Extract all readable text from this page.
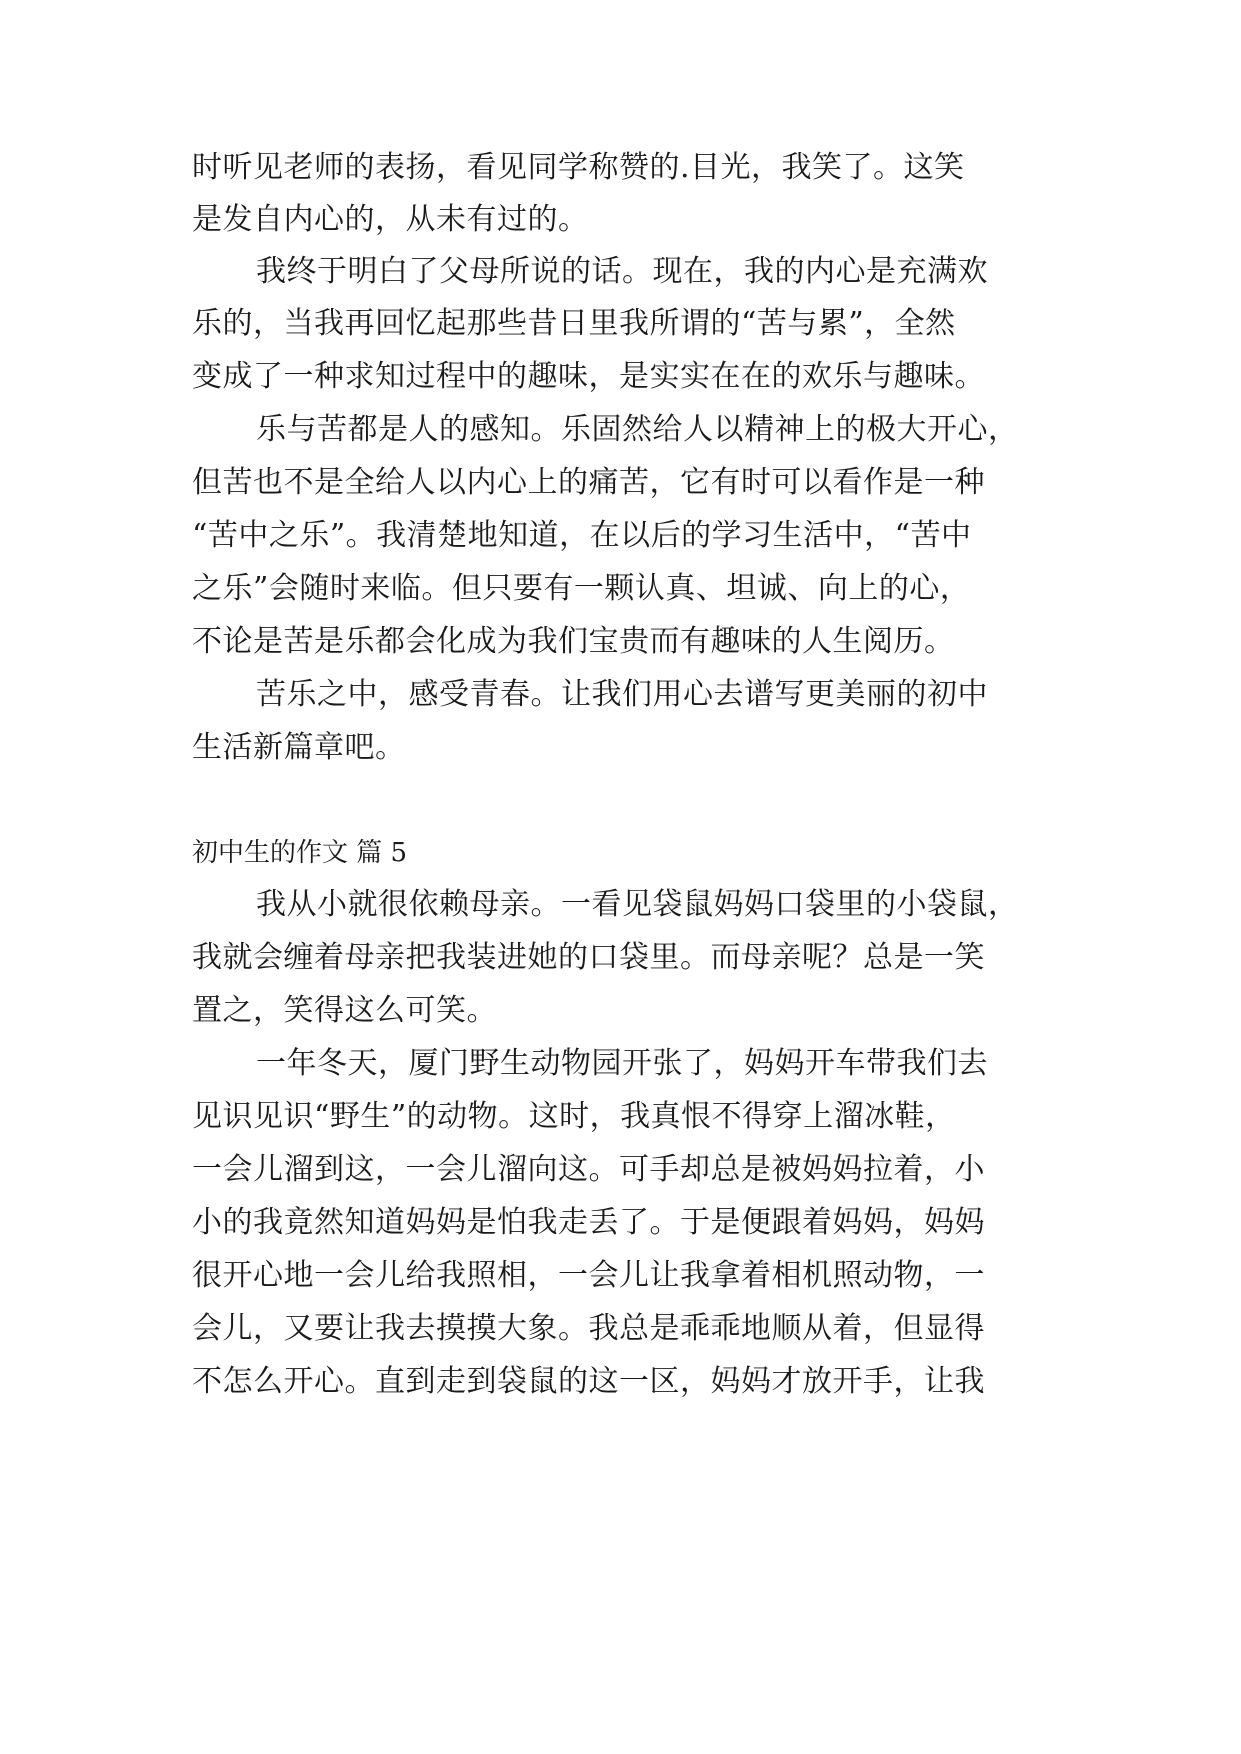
时听见老师的表扬，看见同学称赞的.目光，我笑了。这笑
是发自内心的，从未有过的。
我终于明白了父母所说的话。现在，我的内心是充满欢
乐的，当我再回忆起那些昔日里我所谓的“苦与累”，全然
变成了一种求知过程中的趣味，是实实在在的欢乐与趣味。
乐与苦都是人的感知。乐固然给人以精神上的极大开心，
但苦也不是全给人以内心上的痛苦，它有时可以看作是一种
“苦中之乐”。我清楚地知道，在以后的学习生活中，“苦中
之乐”会随时来临。但只要有一颗认真、坦诚、向上的心，
不论是苦是乐都会化成为我们宝贵而有趣味的人生阅历。
苦乐之中，感受青春。让我们用心去谱写更美丽的初中
生活新篇章吧。
初中生的作文 篇 5
我从小就很依赖母亲。一看见袋鼠妈妈口袋里的小袋鼠，
我就会缠着母亲把我装进她的口袋里。而母亲呢？总是一笑
置之，笑得这么可笑。
一年冬天，厦门野生动物园开张了，妈妈开车带我们去
见识见识“野生”的动物。这时，我真恨不得穿上溜冰鞋，
一会儿溜到这，一会儿溜向这。可手却总是被妈妈拉着，小
小的我竟然知道妈妈是怕我走丢了。于是便跟着妈妈，妈妈
很开心地一会儿给我照相，一会儿让我拿着相机照动物，一
会儿，又要让我去摸摸大象。我总是乖乖地顺从着，但显得
不怎么开心。直到走到袋鼠的这一区，妈妈才放开手，让我
